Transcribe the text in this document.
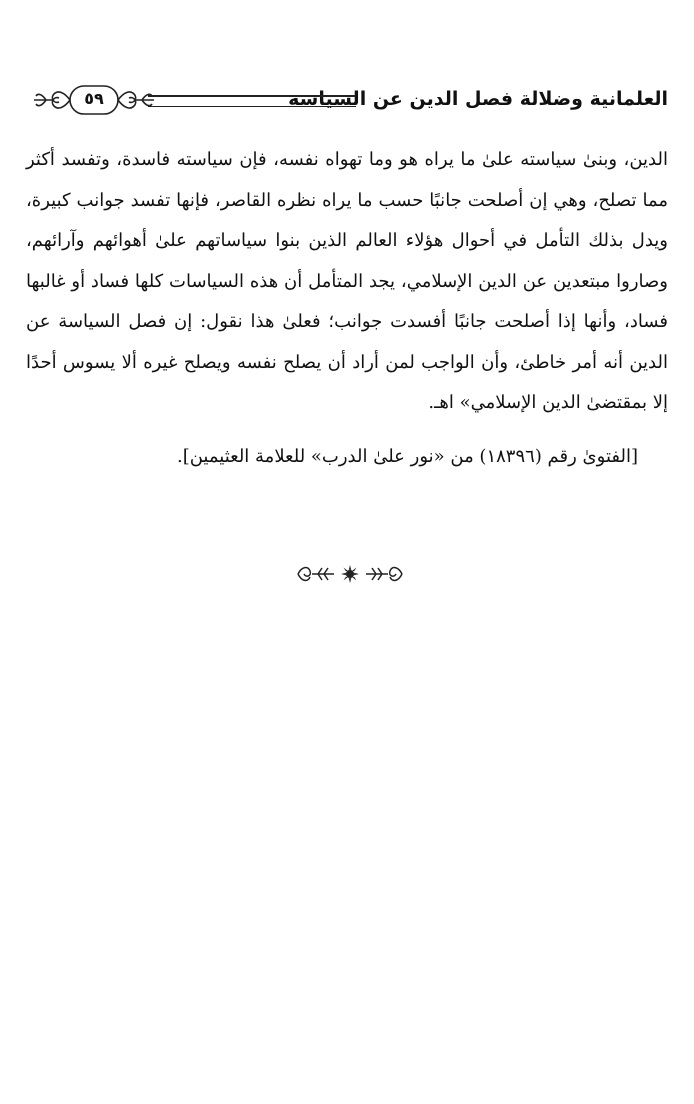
العلمانية وضلالة فصل الدين عن السياسة
٥٩

الدين، وبنىٰ سياسته علىٰ ما يراه هو وما تهواه نفسه، فإن سياسته فاسدة، وتفسد أكثر مما تصلح، وهي إن أصلحت جانبًا حسب ما يراه نظره القاصر، فإنها تفسد جوانب كبيرة، ويدل بذلك التأمل في أحوال هؤلاء العالم الذين بنوا سياساتهم علىٰ أهوائهم وآرائهم، وصاروا مبتعدين عن الدين الإسلامي، يجد المتأمل أن هذه السياسات كلها فساد أو غالبها فساد، وأنها إذا أصلحت جانبًا أفسدت جوانب؛ فعلىٰ هذا نقول: إن فصل السياسة عن الدين أنه أمر خاطئ، وأن الواجب لمن أراد أن يصلح نفسه ويصلح غيره ألا يسوس أحدًا إلا بمقتضىٰ الدين الإسلامي» اهـ.

[الفتوىٰ رقم (١٨٣٩٦) من «نور علىٰ الدرب» للعلامة العثيمين].
